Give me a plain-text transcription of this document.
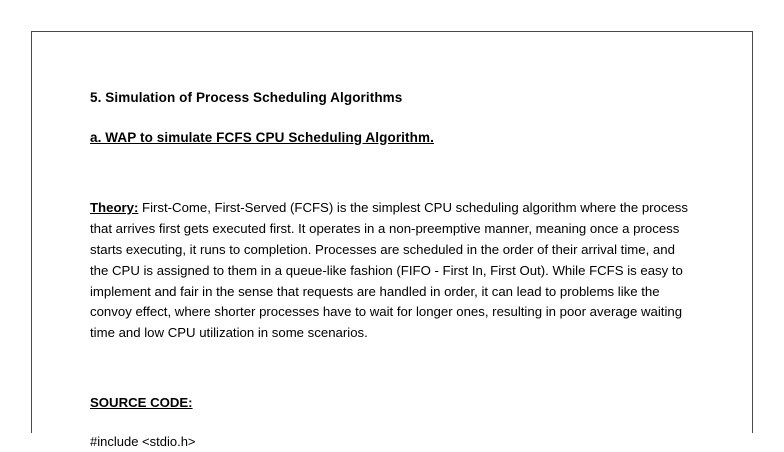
5. Simulation of Process Scheduling Algorithms
a. WAP to simulate FCFS CPU Scheduling Algorithm.

Theory: First-Come, First-Served (FCFS) is the simplest CPU scheduling algorithm where the process that arrives first gets executed first. It operates in a non-preemptive manner, meaning once a process starts executing, it runs to completion. Processes are scheduled in the order of their arrival time, and the CPU is assigned to them in a queue-like fashion (FIFO - First In, First Out). While FCFS is easy to implement and fair in the sense that requests are handled in order, it can lead to problems like the convoy effect, where shorter processes have to wait for longer ones, resulting in poor average waiting time and low CPU utilization in some scenarios.

SOURCE CODE:
#include <stdio.h>
